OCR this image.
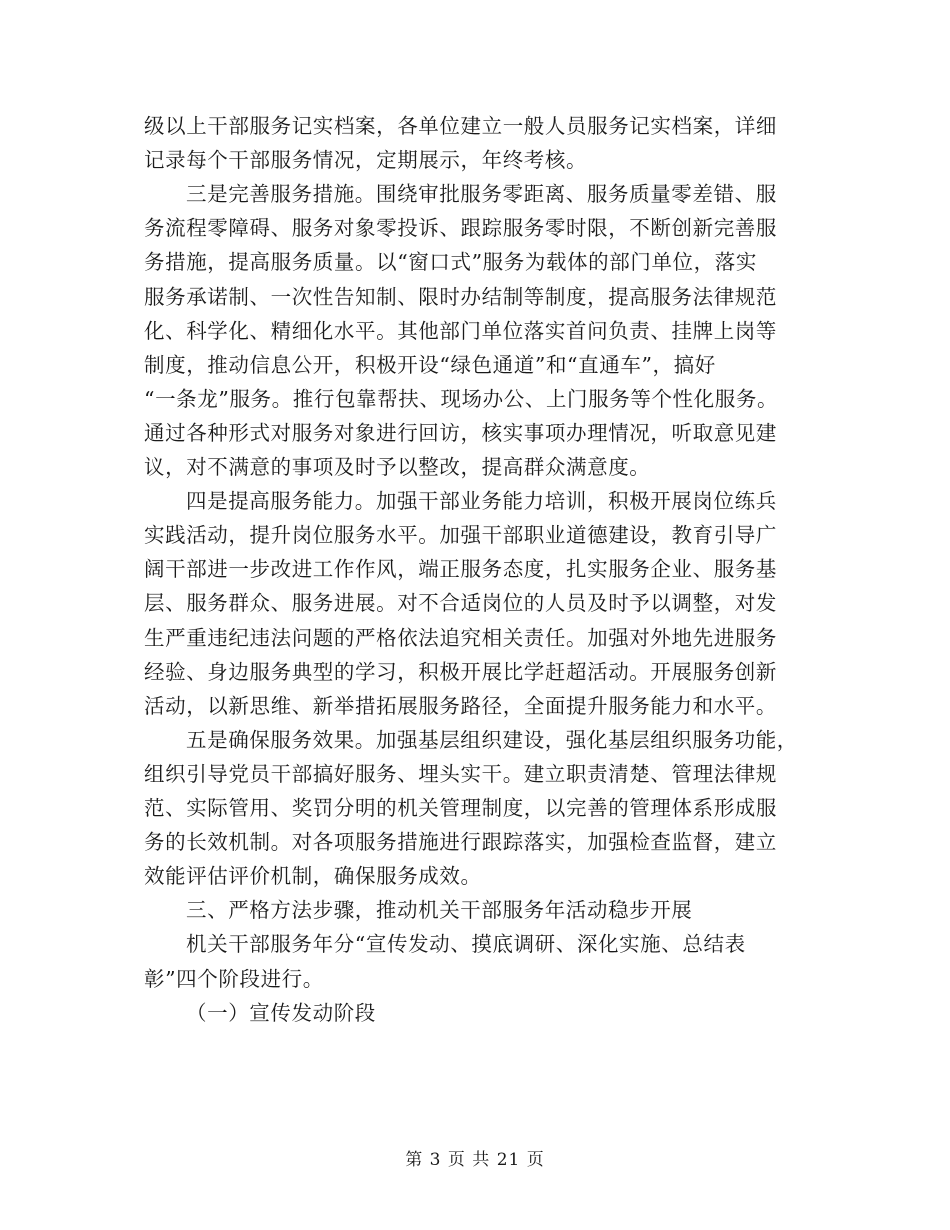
级以上干部服务记实档案，各单位建立一般人员服务记实档案，详细
记录每个干部服务情况，定期展示，年终考核。
三是完善服务措施。围绕审批服务零距离、服务质量零差错、服
务流程零障碍、服务对象零投诉、跟踪服务零时限，不断创新完善服
务措施，提高服务质量。以“窗口式”服务为载体的部门单位，落实
服务承诺制、一次性告知制、限时办结制等制度，提高服务法律规范
化、科学化、精细化水平。其他部门单位落实首问负责、挂牌上岗等
制度，推动信息公开，积极开设“绿色通道”和“直通车”，搞好
“一条龙”服务。推行包靠帮扶、现场办公、上门服务等个性化服务。
通过各种形式对服务对象进行回访，核实事项办理情况，听取意见建
议，对不满意的事项及时予以整改，提高群众满意度。
四是提高服务能力。加强干部业务能力培训，积极开展岗位练兵
实践活动，提升岗位服务水平。加强干部职业道德建设，教育引导广
阔干部进一步改进工作作风，端正服务态度，扎实服务企业、服务基
层、服务群众、服务进展。对不合适岗位的人员及时予以调整，对发
生严重违纪违法问题的严格依法追究相关责任。加强对外地先进服务
经验、身边服务典型的学习，积极开展比学赶超活动。开展服务创新
活动，以新思维、新举措拓展服务路径，全面提升服务能力和水平。
五是确保服务效果。加强基层组织建设，强化基层组织服务功能，
组织引导党员干部搞好服务、埋头实干。建立职责清楚、管理法律规
范、实际管用、奖罚分明的机关管理制度，以完善的管理体系形成服
务的长效机制。对各项服务措施进行跟踪落实，加强检查监督，建立
效能评估评价机制，确保服务成效。
三、严格方法步骤，推动机关干部服务年活动稳步开展
机关干部服务年分“宣传发动、摸底调研、深化实施、总结表
彰”四个阶段进行。
（一）宣传发动阶段
第 3 页 共 21 页
